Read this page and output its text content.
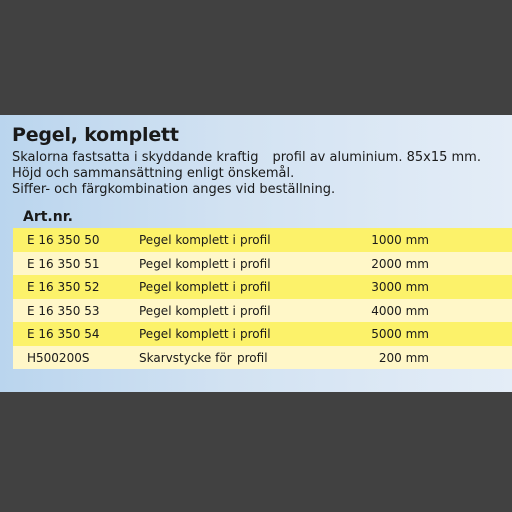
Pegel, komplett
Skalorna fastsatta i skyddande kraftig profil av aluminium. 85x15 mm.
Höjd och sammansättning enligt önskemål.
Siffer- och färgkombination anges vid beställning.
Art.nr.
E 16 350 50	Pegel komplett i profil	1000 mm
E 16 350 51	Pegel komplett i profil	2000 mm
E 16 350 52	Pegel komplett i profil	3000 mm
E 16 350 53	Pegel komplett i profil	4000 mm
E 16 350 54	Pegel komplett i profil	5000 mm
H500200S	Skarvstycke för profil	200 mm
